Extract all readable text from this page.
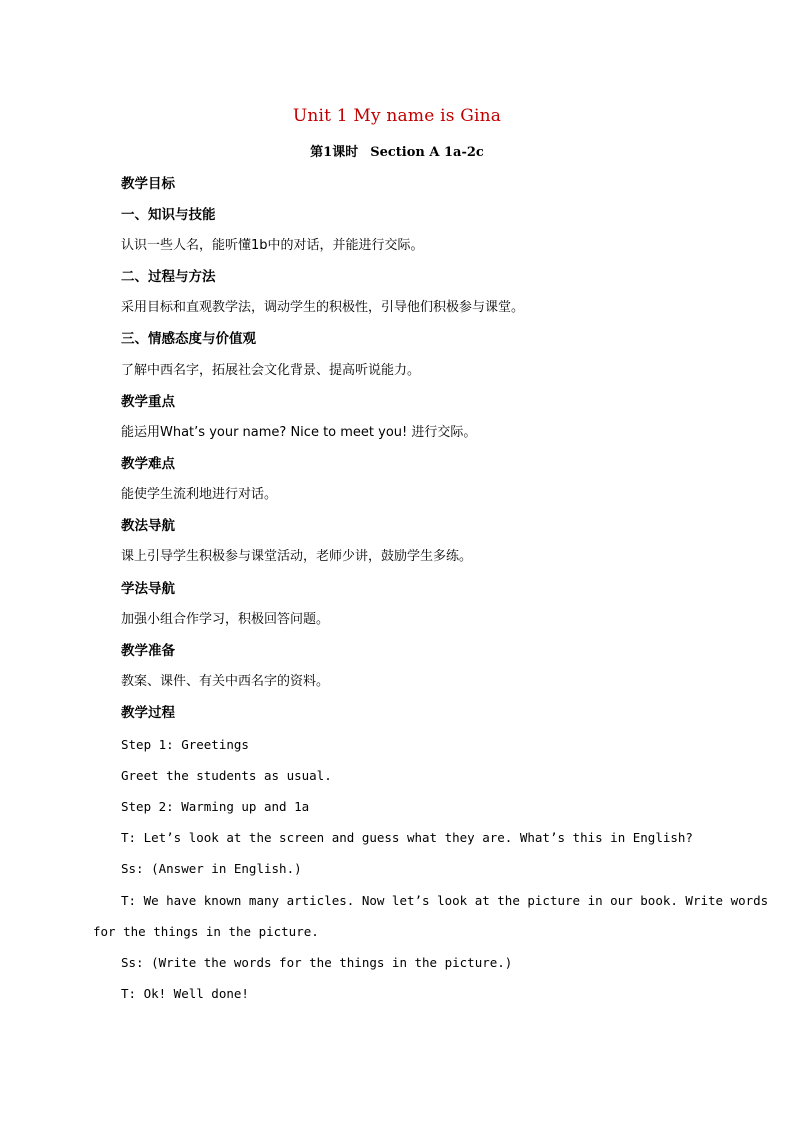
Unit 1 My name is Gina
第1课时 Section A 1a-2c
教学目标
一、知识与技能
认识一些人名，能听懂1b中的对话，并能进行交际。
二、过程与方法
采用目标和直观教学法，调动学生的积极性，引导他们积极参与课堂。
三、情感态度与价值观
了解中西名字，拓展社会文化背景、提高听说能力。
教学重点
能运用What’s your name? Nice to meet you! 进行交际。
教学难点
能使学生流利地进行对话。
教法导航
课上引导学生积极参与课堂活动，老师少讲，鼓励学生多练。
学法导航
加强小组合作学习，积极回答问题。
教学准备
教案、课件、有关中西名字的资料。
教学过程
Step 1: Greetings
Greet the students as usual.
Step 2: Warming up and 1a
T: Let’s look at the screen and guess what they are. What’s this in English?
Ss: (Answer in English.)
T: We have known many articles. Now let’s look at the picture in our book. Write words
for the things in the picture.
Ss: (Write the words for the things in the picture.)
T: Ok! Well done!
